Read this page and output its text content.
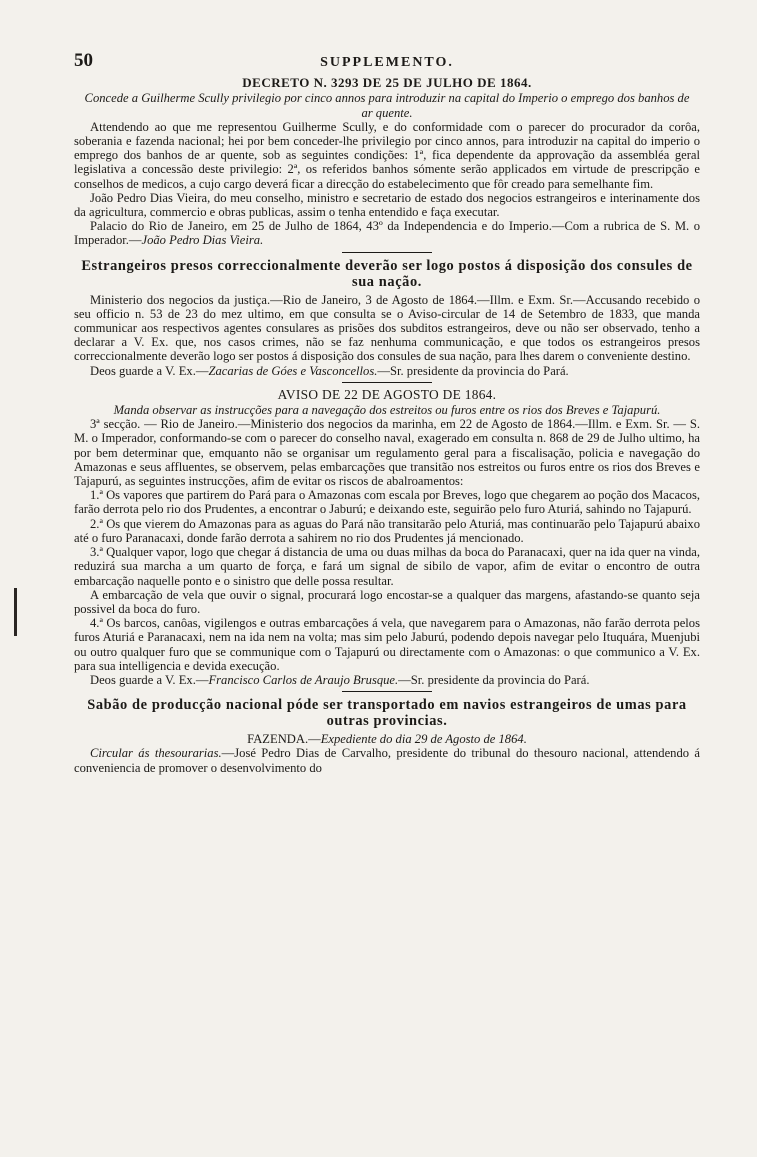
50	SUPPLEMENTO.
DECRETO N. 3293 DE 25 DE JULHO DE 1864.
Concede a Guilherme Scully privilegio por cinco annos para introduzir na capital do Imperio o emprego dos banhos de ar quente.

Attendendo ao que me representou Guilherme Scully, e do conformidade com o parecer do procurador da corôa, soberania e fazenda nacional; hei por bem conceder-lhe privilegio por cinco annos, para introduzir na capital do imperio o emprego dos banhos de ar quente, sob as seguintes condições: 1ª, fica dependente da approvação da assembléa geral legislativa a concessão deste privilegio: 2ª, os referidos banhos sómente serão applicados em virtude de prescripção e conselhos de medicos, a cujo cargo deverá ficar a direcção do estabelecimento que fôr creado para semelhante fim.

João Pedro Dias Vieira, do meu conselho, ministro e secretario de estado dos negocios estrangeiros e interinamente dos da agricultura, commercio e obras publicas, assim o tenha entendido e faça executar.

Palacio do Rio de Janeiro, em 25 de Julho de 1864, 43º da Independencia e do Imperio.—Com a rubrica de S. M. o Imperador.—João Pedro Dias Vieira.

Estrangeiros presos correccionalmente deverão ser logo postos á disposição dos consules de sua nação.

Ministerio dos negocios da justiça.—Rio de Janeiro, 3 de Agosto de 1864.—Illm. e Exm. Sr.—Accusando recebido o seu officio n. 53 de 23 do mez ultimo, em que consulta se o Aviso-circular de 14 de Setembro de 1833, que manda communicar aos respectivos agentes consulares as prisões dos subditos estrangeiros, deve ou não ser observado, tenho a declarar a V. Ex. que, nos casos crimes, não se faz nenhuma communicação, e que todos os estrangeiros presos correccionalmente deverão logo ser postos á disposição dos consules de sua nação, para lhes darem o conveniente destino.

Deos guarde a V. Ex.—Zacarias de Góes e Vasconcellos.—Sr. presidente da provincia do Pará.

AVISO DE 22 DE AGOSTO DE 1864.
Manda observar as instrucções para a navegação dos estreitos ou furos entre os rios dos Breves e Tajapurú.

3ª secção. — Rio de Janeiro.—Ministerio dos negocios da marinha, em 22 de Agosto de 1864.—Illm. e Exm. Sr. — S. M. o Imperador, conformando-se com o parecer do conselho naval, exagerado em consulta n. 868 de 29 de Julho ultimo, ha por bem determinar que, emquanto não se organisar um regulamento geral para a fiscalisação, policia e navegação do Amazonas e seus affluentes, se observem, pelas embarcações que transitão nos estreitos ou furos entre os rios dos Breves e Tajapurú, as seguintes instrucções, afim de evitar os riscos de abalroamentos:

1.ª Os vapores que partirem do Pará para o Amazonas com escala por Breves, logo que chegarem ao poção dos Macacos, farão derrota pelo rio dos Prudentes, a encontrar o Jaburú; e deixando este, seguirão pelo furo Aturiá, sahindo no Tajapurú.

2.ª Os que vierem do Amazonas para as aguas do Pará não transitarão pelo Aturiá, mas continuarão pelo Tajapurú abaixo até o furo Paranacaxi, donde farão derrota a sahirem no rio dos Prudentes já mencionado.

3.ª Qualquer vapor, logo que chegar á distancia de uma ou duas milhas da boca do Paranacaxi, quer na ida quer na vinda, reduzirá sua marcha a um quarto de força, e fará um signal de sibilo de vapor, afim de evitar o encontro de outra embarcação naquelle ponto e o sinistro que delle possa resultar.

A embarcação de vela que ouvir o signal, procurará logo encostar-se a qualquer das margens, afastando-se quanto seja possivel da boca do furo.

4.ª Os barcos, canôas, vigilengos e outras embarcações á vela, que navegarem para o Amazonas, não farão derrota pelos furos Aturiá e Paranacaxi, nem na ida nem na volta; mas sim pelo Jaburú, podendo depois navegar pelo Ituquára, Muenjubi ou outro qualquer furo que se communique com o Tajapurú ou directamente com o Amazonas: o que communico a V. Ex. para sua intelligencia e devida execução.

Deos guarde a V. Ex.—Francisco Carlos de Araujo Brusque.—Sr. presidente da provincia do Pará.

Sabão de producção nacional póde ser transportado em navios estrangeiros de umas para outras provincias.
FAZENDA.—Expediente do dia 29 de Agosto de 1864.

Circular ás thesourarias.—José Pedro Dias de Carvalho, presidente do tribunal do thesouro nacional, attendendo á conveniencia de promover o desenvolvimento do
